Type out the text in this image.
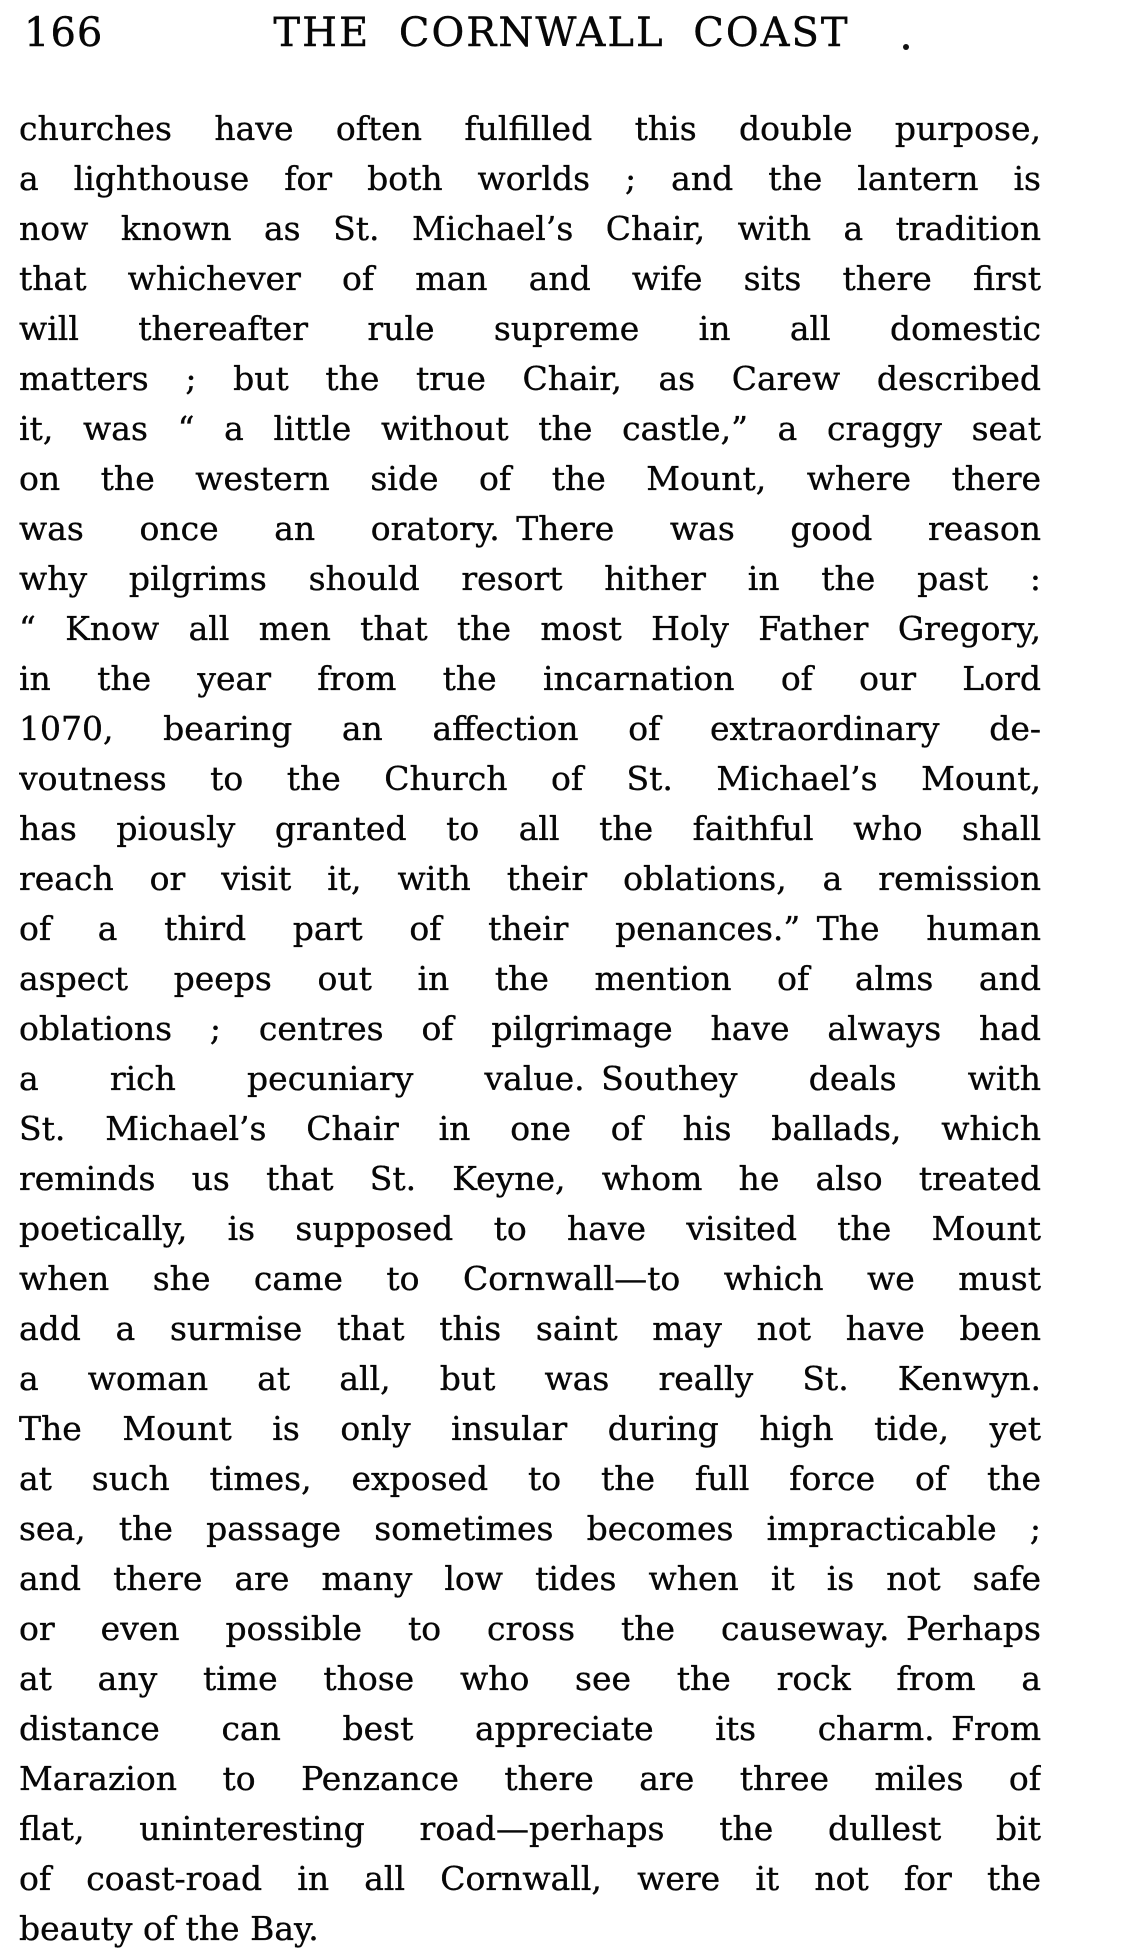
166	THE CORNWALL COAST
churches have often fulfilled this double purpose,
a lighthouse for both worlds ; and the lantern is
now known as St. Michael’s Chair, with a tradition
that whichever of man and wife sits there first
will thereafter rule supreme in all domestic
matters ; but the true Chair, as Carew described
it, was “ a little without the castle,” a craggy seat
on the western side of the Mount, where there
was once an oratory. There was good reason
why pilgrims should resort hither in the past :
“ Know all men that the most Holy Father Gregory,
in the year from the incarnation of our Lord
1070, bearing an affection of extraordinary de-
voutness to the Church of St. Michael’s Mount,
has piously granted to all the faithful who shall
reach or visit it, with their oblations, a remission
of a third part of their penances.” The human
aspect peeps out in the mention of alms and
oblations ; centres of pilgrimage have always had
a rich pecuniary value. Southey deals with
St. Michael’s Chair in one of his ballads, which
reminds us that St. Keyne, whom he also treated
poetically, is supposed to have visited the Mount
when she came to Cornwall—to which we must
add a surmise that this saint may not have been
a woman at all, but was really St. Kenwyn.
The Mount is only insular during high tide, yet
at such times, exposed to the full force of the
sea, the passage sometimes becomes impracticable ;
and there are many low tides when it is not safe
or even possible to cross the causeway. Perhaps
at any time those who see the rock from a
distance can best appreciate its charm. From
Marazion to Penzance there are three miles of
flat, uninteresting road—perhaps the dullest bit
of coast-road in all Cornwall, were it not for the
beauty of the Bay.
